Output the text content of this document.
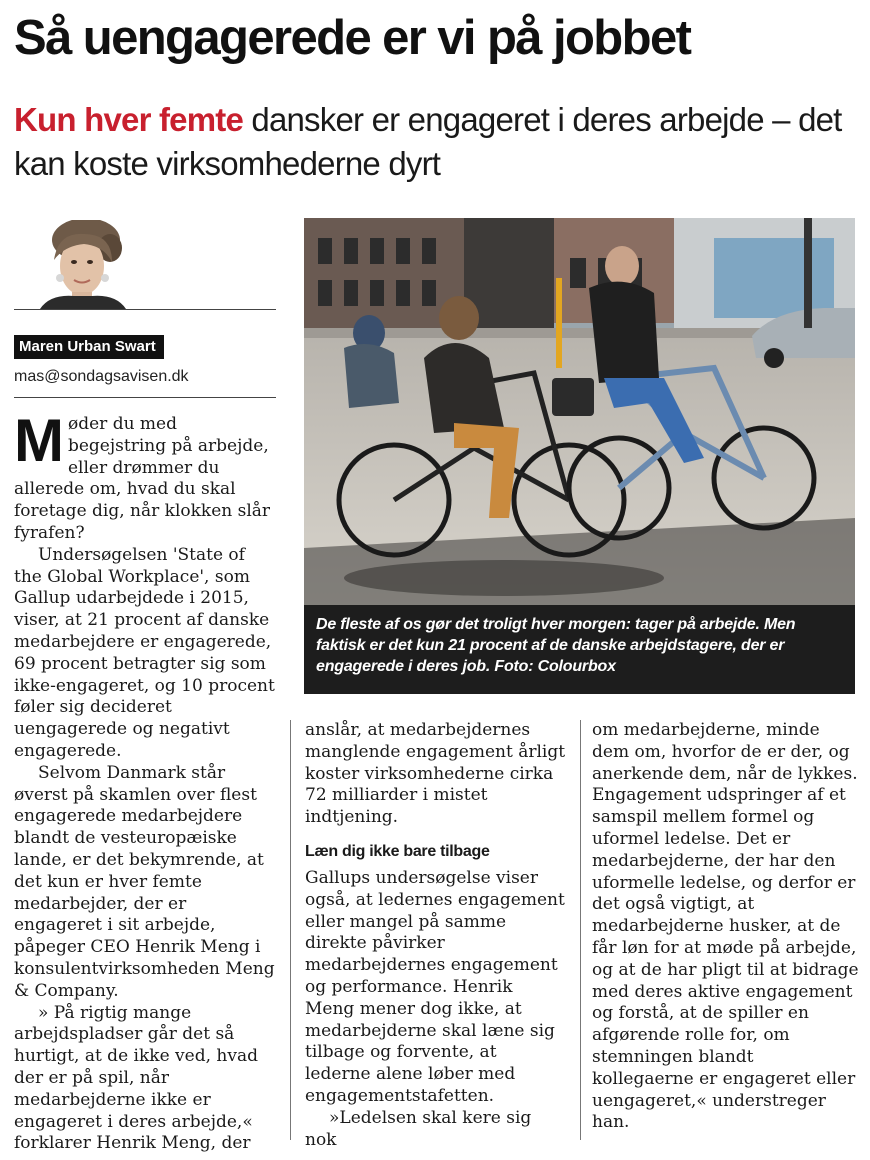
Så uengagerede er vi på jobbet
Kun hver femte dansker er engageret i deres arbejde – det kan koste virksomhederne dyrt
Maren Urban Swart
mas@sondagsavisen.dk

Møder du med begejstring på arbejde, eller drømmer du allerede om, hvad du skal foretage dig, når klokken slår fyrafen?

Undersøgelsen 'State of the Global Workplace', som Gallup udarbejdede i 2015, viser, at 21 procent af danske medarbejdere er engagerede, 69 procent betragter sig som ikke-engageret, og 10 procent føler sig decideret uengagerede og negativt engagerede.

Selvom Danmark står øverst på skamlen over flest engagerede medarbejdere blandt de vesteuropæiske lande, er det bekymrende, at det kun er hver femte medarbejder, der er engageret i sit arbejde, påpeger CEO Henrik Meng i konsulentvirksomheden Meng & Company.

» På rigtig mange arbejdspladser går det så hurtigt, at de ikke ved, hvad der er på spil, når medarbejderne ikke er engageret i deres arbejde,« forklarer Henrik Meng, der

anslår, at medarbejdernes manglende engagement årligt koster virksomhederne cirka 72 milliarder i mistet indtjening.

Læn dig ikke bare tilbage

Gallups undersøgelse viser også, at ledernes engagement eller mangel på samme direkte påvirker medarbejdernes engagement og performance. Henrik Meng mener dog ikke, at medarbejderne skal læne sig tilbage og forvente, at lederne alene løber med engagementstafetten.

»Ledelsen skal kere sig nok

om medarbejderne, minde dem om, hvorfor de er der, og anerkende dem, når de lykkes. Engagement udspringer af et samspil mellem formel og uformel ledelse. Det er medarbejderne, der har den uformelle ledelse, og derfor er det også vigtigt, at medarbejderne husker, at de får løn for at møde på arbejde, og at de har pligt til at bidrage med deres aktive engagement og forstå, at de spiller en afgørende rolle for, om stemningen blandt kollegaerne er engageret eller uengageret,« understreger han.

De fleste af os gør det troligt hver morgen: tager på arbejde. Men faktisk er det kun 21 procent af de danske arbejdstagere, der er engagerede i deres job. Foto: Colourbox
